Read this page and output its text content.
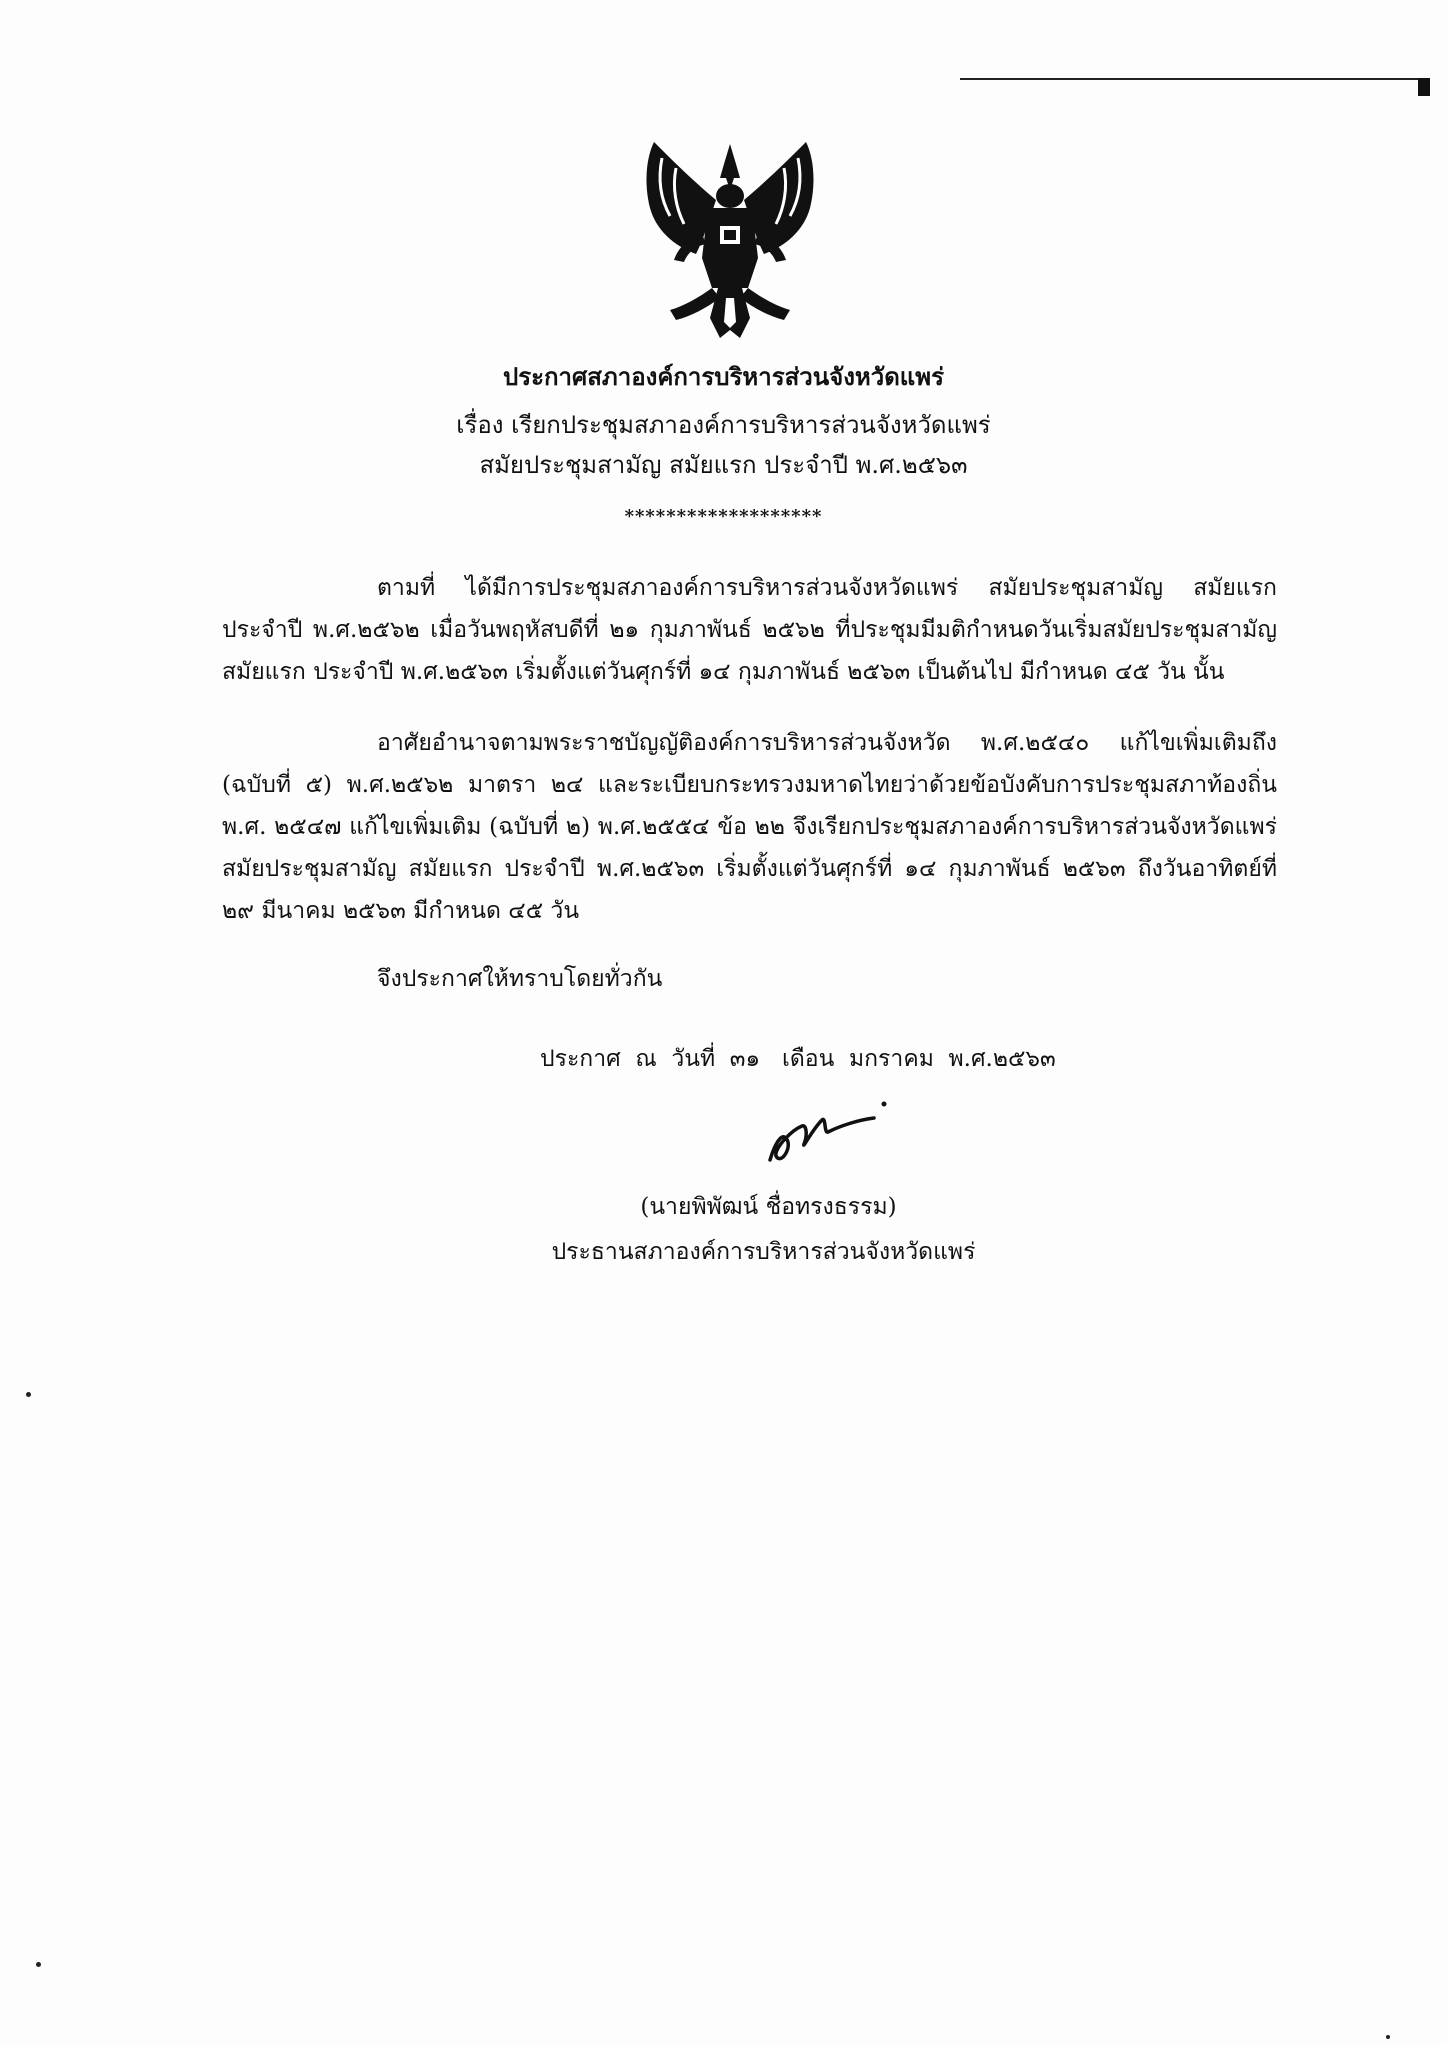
ประกาศสภาองค์การบริหารส่วนจังหวัดแพร่
เรื่อง เรียกประชุมสภาองค์การบริหารส่วนจังหวัดแพร่
สมัยประชุมสามัญ สมัยแรก ประจำปี พ.ศ.๒๕๖๓
*******************
ตามที่ ได้มีการประชุมสภาองค์การบริหารส่วนจังหวัดแพร่ สมัยประชุมสามัญ สมัยแรก ประจำปี พ.ศ.๒๕๖๒ เมื่อวันพฤหัสบดีที่ ๒๑ กุมภาพันธ์ ๒๕๖๒ ที่ประชุมมีมติกำหนดวันเริ่มสมัยประชุมสามัญ สมัยแรก ประจำปี พ.ศ.๒๕๖๓ เริ่มตั้งแต่วันศุกร์ที่ ๑๔ กุมภาพันธ์ ๒๕๖๓ เป็นต้นไป มีกำหนด ๔๕ วัน นั้น
อาศัยอำนาจตามพระราชบัญญัติองค์การบริหารส่วนจังหวัด พ.ศ.๒๕๔๐ แก้ไขเพิ่มเติมถึง (ฉบับที่ ๕) พ.ศ.๒๕๖๒ มาตรา ๒๔ และระเบียบกระทรวงมหาดไทยว่าด้วยข้อบังคับการประชุมสภาท้องถิ่น พ.ศ. ๒๕๔๗ แก้ไขเพิ่มเติม (ฉบับที่ ๒) พ.ศ.๒๕๕๔ ข้อ ๒๒ จึงเรียกประชุมสภาองค์การบริหารส่วนจังหวัดแพร่ สมัยประชุมสามัญ สมัยแรก ประจำปี พ.ศ.๒๕๖๓ เริ่มตั้งแต่วันศุกร์ที่ ๑๔ กุมภาพันธ์ ๒๕๖๓ ถึงวันอาทิตย์ที่ ๒๙ มีนาคม ๒๕๖๓ มีกำหนด ๔๕ วัน
จึงประกาศให้ทราบโดยทั่วกัน
ประกาศ  ณ  วันที่  ๓๑   เดือน  มกราคม  พ.ศ.๒๕๖๓
(นายพิพัฒน์ ชื่อทรงธรรม)
ประธานสภาองค์การบริหารส่วนจังหวัดแพร่
